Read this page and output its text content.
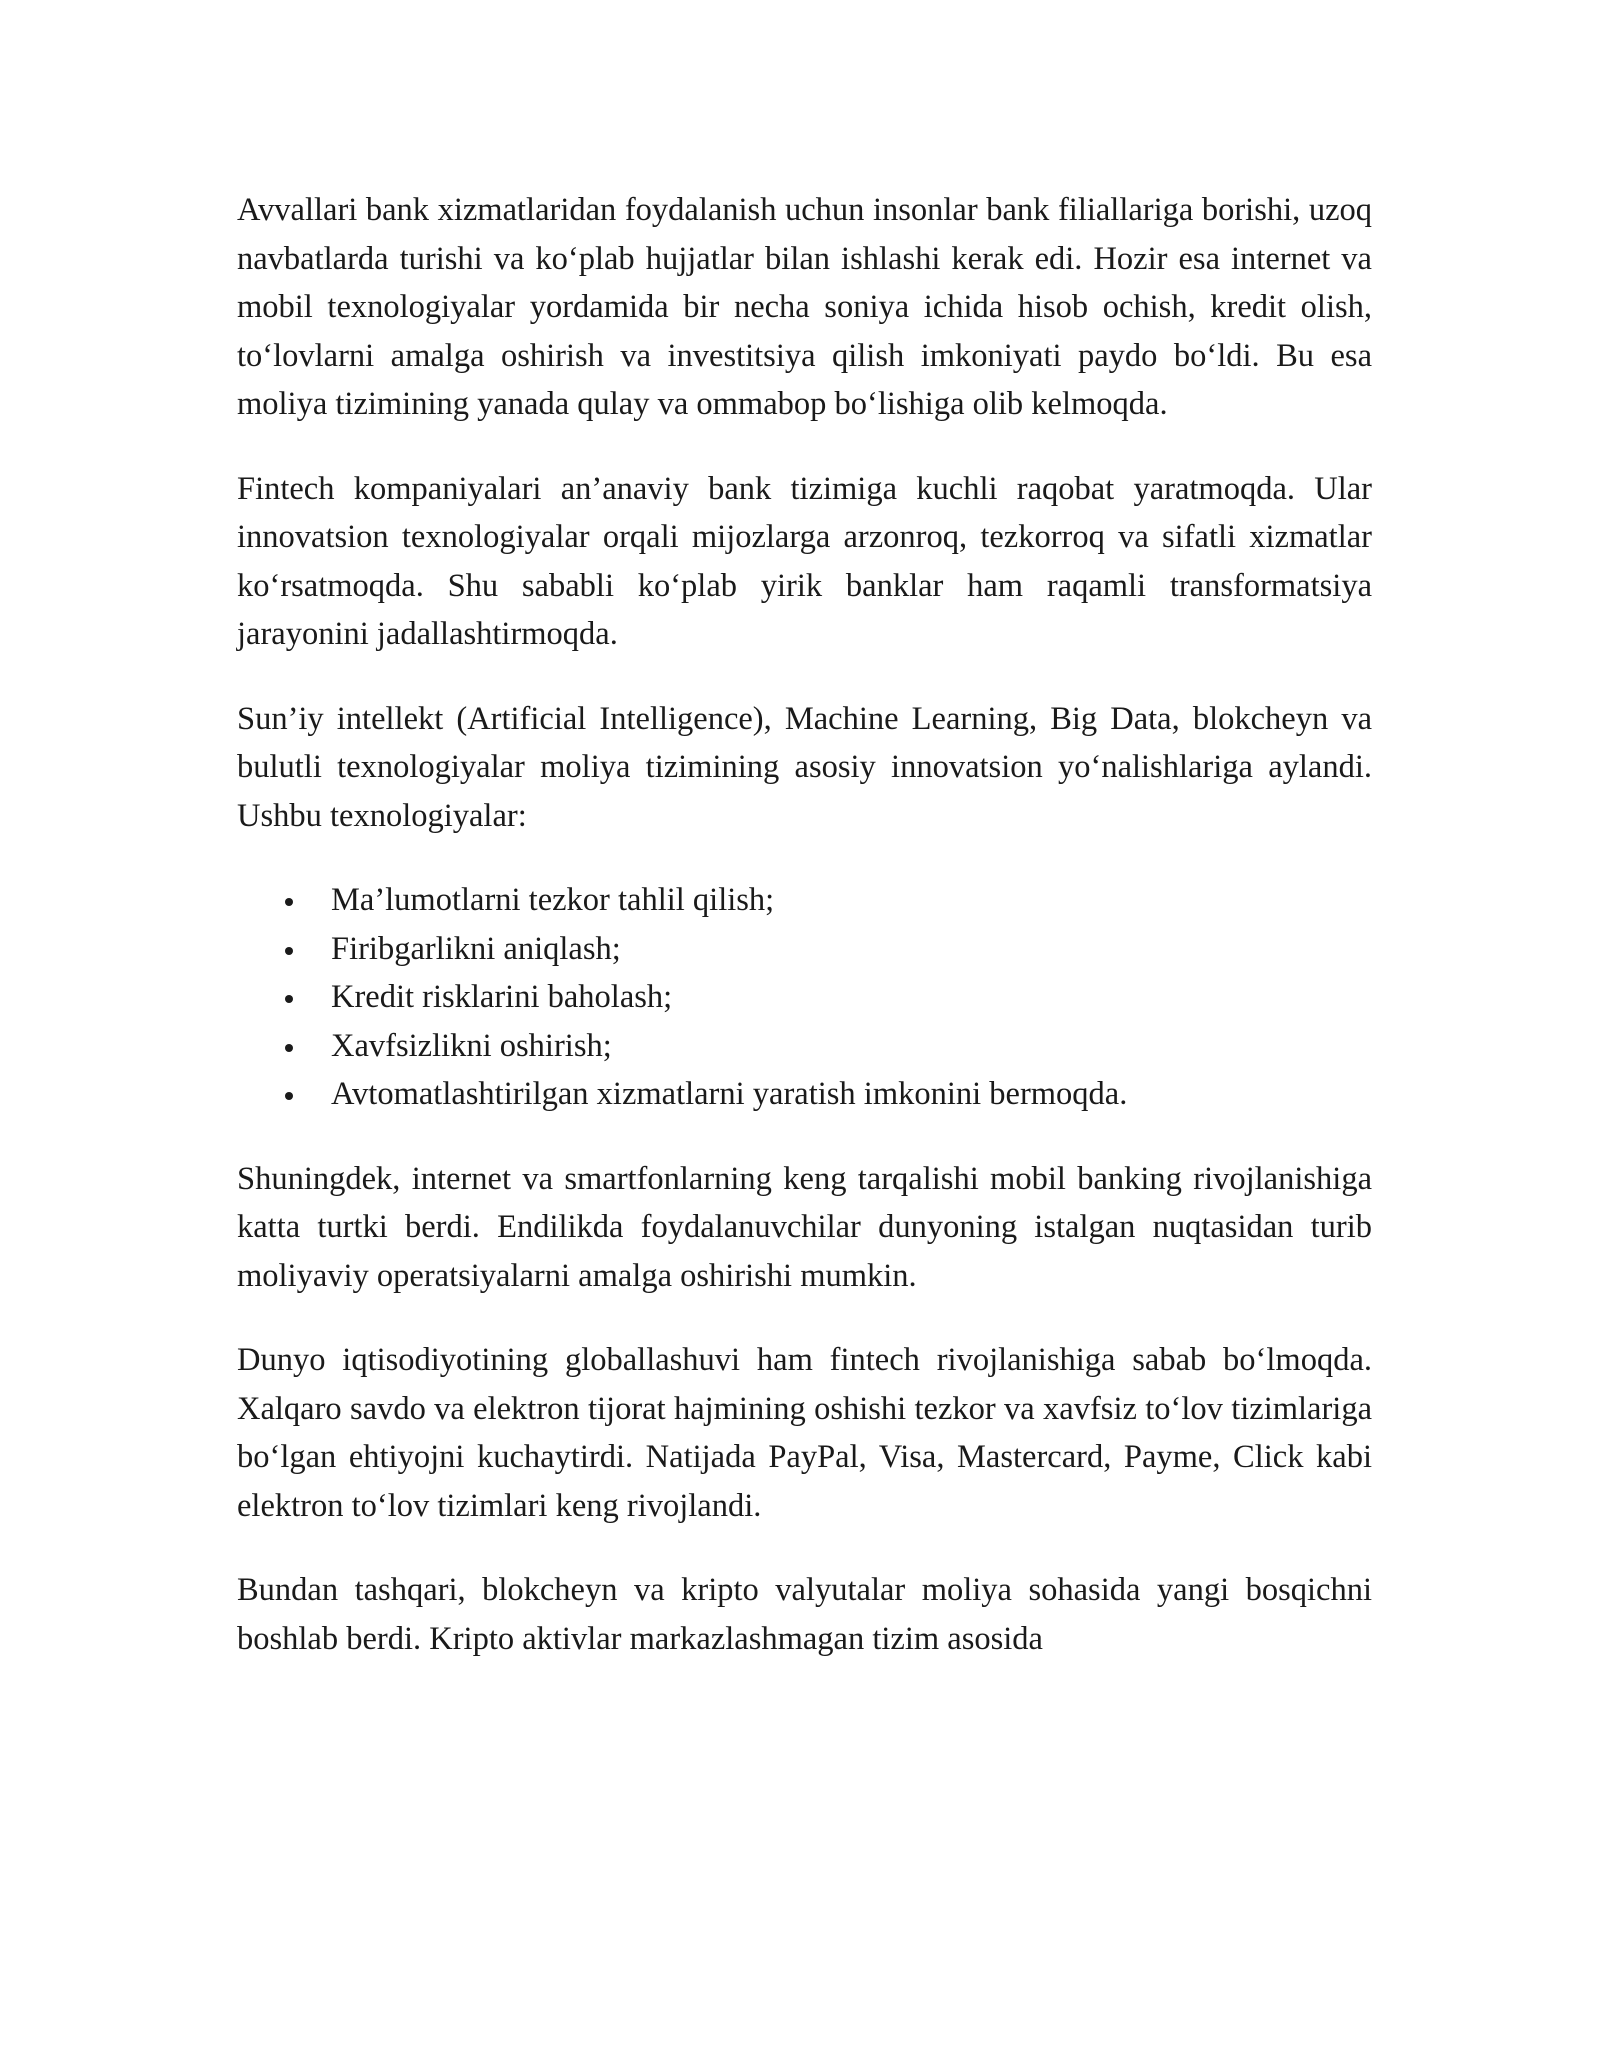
Avvallari bank xizmatlaridan foydalanish uchun insonlar bank filiallariga borishi, uzoq navbatlarda turishi va koʻplab hujjatlar bilan ishlashi kerak edi. Hozir esa internet va mobil texnologiyalar yordamida bir necha soniya ichida hisob ochish, kredit olish, toʻlovlarni amalga oshirish va investitsiya qilish imkoniyati paydo boʻldi. Bu esa moliya tizimining yanada qulay va ommabop boʻlishiga olib kelmoqda.

Fintech kompaniyalari an’anaviy bank tizimiga kuchli raqobat yaratmoqda. Ular innovatsion texnologiyalar orqali mijozlarga arzonroq, tezkorroq va sifatli xizmatlar koʻrsatmoqda. Shu sababli koʻplab yirik banklar ham raqamli transformatsiya jarayonini jadallashtirmoqda.

Sun’iy intellekt (Artificial Intelligence), Machine Learning, Big Data, blokcheyn va bulutli texnologiyalar moliya tizimining asosiy innovatsion yoʻnalishlariga aylandi. Ushbu texnologiyalar:

Ma’lumotlarni tezkor tahlil qilish;
Firibgarlikni aniqlash;
Kredit risklarini baholash;
Xavfsizlikni oshirish;
Avtomatlashtirilgan xizmatlarni yaratish imkonini bermoqda.

Shuningdek, internet va smartfonlarning keng tarqalishi mobil banking rivojlanishiga katta turtki berdi. Endilikda foydalanuvchilar dunyoning istalgan nuqtasidan turib moliyaviy operatsiyalarni amalga oshirishi mumkin.

Dunyo iqtisodiyotining globallashuvi ham fintech rivojlanishiga sabab boʻlmoqda. Xalqaro savdo va elektron tijorat hajmining oshishi tezkor va xavfsiz toʻlov tizimlariga boʻlgan ehtiyojni kuchaytirdi. Natijada PayPal, Visa, Mastercard, Payme, Click kabi elektron toʻlov tizimlari keng rivojlandi.

Bundan tashqari, blokcheyn va kripto valyutalar moliya sohasida yangi bosqichni boshlab berdi. Kripto aktivlar markazlashmagan tizim asosida
